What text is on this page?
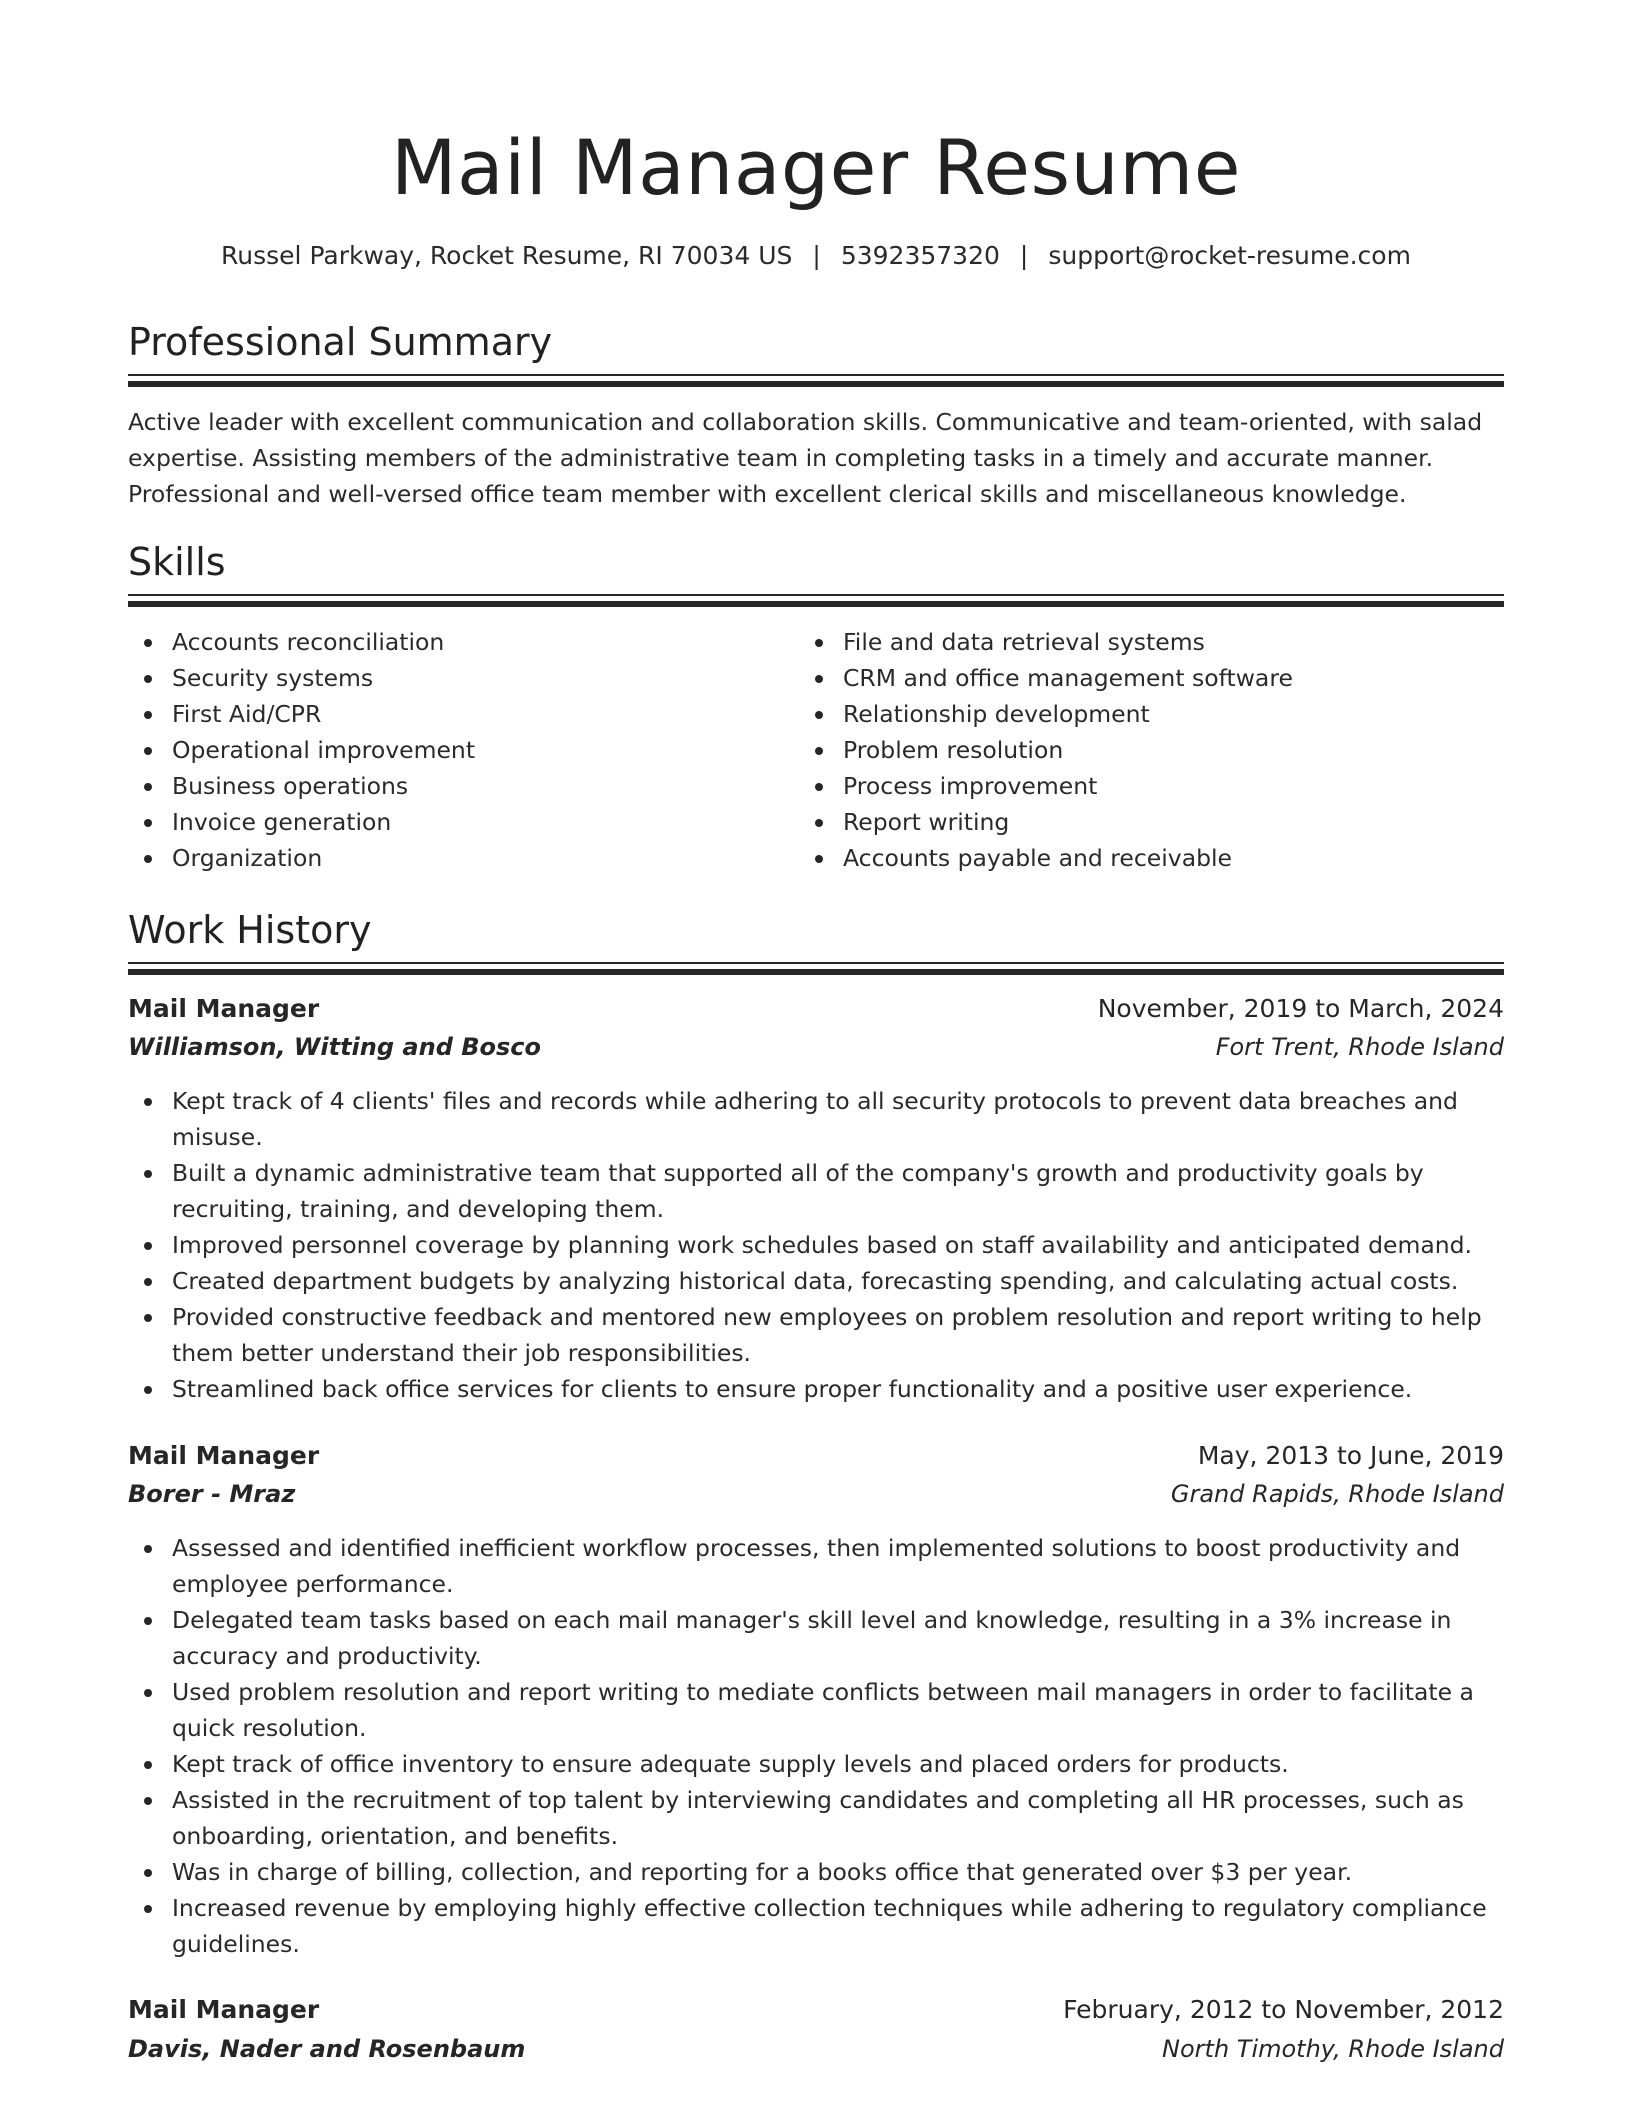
Mail Manager Resume
Russel Parkway, Rocket Resume, RI 70034 US | 5392357320 | support@rocket-resume.com
Professional Summary

Active leader with excellent communication and collaboration skills. Communicative and team-oriented, with salad expertise. Assisting members of the administrative team in completing tasks in a timely and accurate manner. Professional and well-versed office team member with excellent clerical skills and miscellaneous knowledge.

Skills
Accounts reconciliation
Security systems
First Aid/CPR
Operational improvement
Business operations
Invoice generation
Organization
File and data retrieval systems
CRM and office management software
Relationship development
Problem resolution
Process improvement
Report writing
Accounts payable and receivable
Work History
Mail Manager	November, 2019 to March, 2024
Williamson, Witting and Bosco	Fort Trent, Rhode Island
Kept track of 4 clients' files and records while adhering to all security protocols to prevent data breaches and misuse.
Built a dynamic administrative team that supported all of the company's growth and productivity goals by recruiting, training, and developing them.
Improved personnel coverage by planning work schedules based on staff availability and anticipated demand.
Created department budgets by analyzing historical data, forecasting spending, and calculating actual costs.
Provided constructive feedback and mentored new employees on problem resolution and report writing to help them better understand their job responsibilities.
Streamlined back office services for clients to ensure proper functionality and a positive user experience.
Mail Manager	May, 2013 to June, 2019
Borer - Mraz	Grand Rapids, Rhode Island
Assessed and identified inefficient workflow processes, then implemented solutions to boost productivity and employee performance.
Delegated team tasks based on each mail manager's skill level and knowledge, resulting in a 3% increase in accuracy and productivity.
Used problem resolution and report writing to mediate conflicts between mail managers in order to facilitate a quick resolution.
Kept track of office inventory to ensure adequate supply levels and placed orders for products.
Assisted in the recruitment of top talent by interviewing candidates and completing all HR processes, such as onboarding, orientation, and benefits.
Was in charge of billing, collection, and reporting for a books office that generated over $3 per year.
Increased revenue by employing highly effective collection techniques while adhering to regulatory compliance guidelines.
Mail Manager	February, 2012 to November, 2012
Davis, Nader and Rosenbaum	North Timothy, Rhode Island
